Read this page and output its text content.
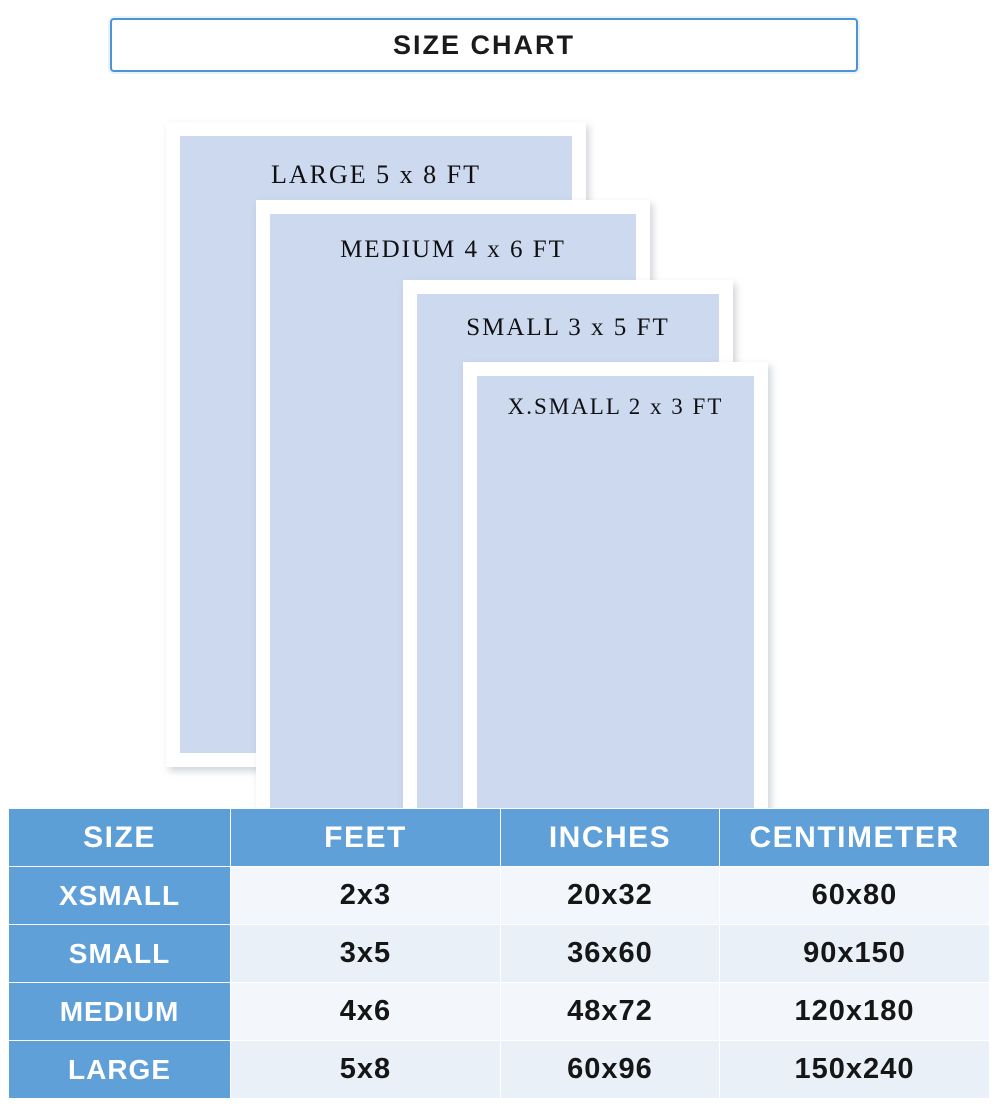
SIZE CHART
LARGE 5 x 8 FT
MEDIUM 4 x 6 FT
SMALL 3 x 5 FT
X.SMALL 2 x 3 FT
SIZE	FEET	INCHES	CENTIMETER
XSMALL	2x3	20x32	60x80
SMALL	3x5	36x60	90x150
MEDIUM	4x6	48x72	120x180
LARGE	5x8	60x96	150x240
